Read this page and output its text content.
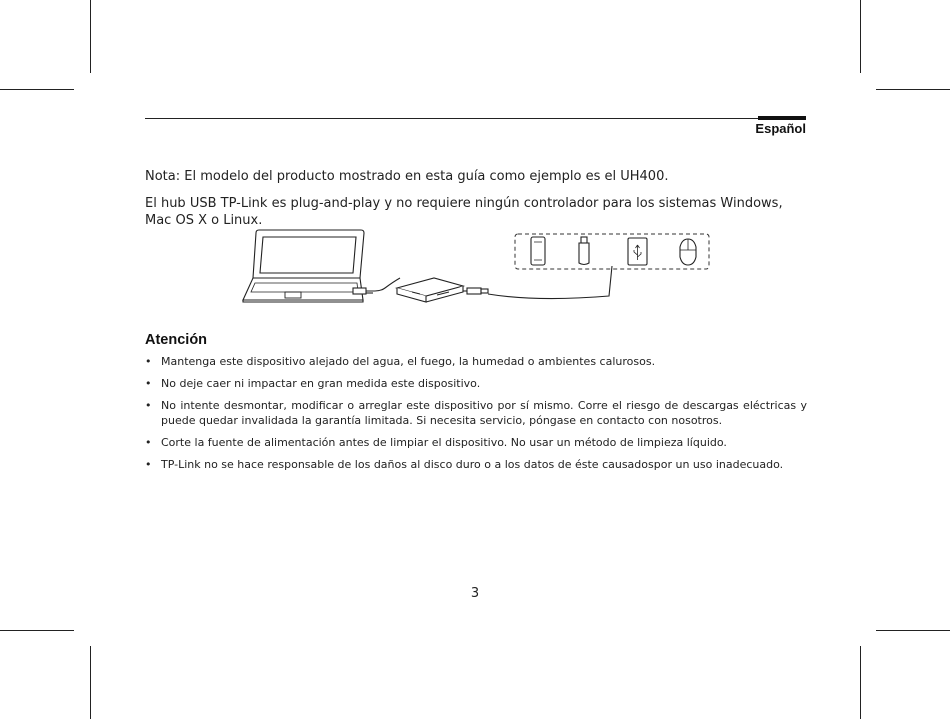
Español

Nota: El modelo del producto mostrado en esta guía como ejemplo es el UH400.

El hub USB TP-Link es plug-and-play y no requiere ningún controlador para los sistemas Windows, Mac OS X o Linux.

Atención
• Mantenga este dispositivo alejado del agua, el fuego, la humedad o ambientes calurosos.
• No deje caer ni impactar en gran medida este dispositivo.
• No intente desmontar, modificar o arreglar este dispositivo por sí mismo. Corre el riesgo de descargas eléctricas y puede quedar invalidada la garantía limitada. Si necesita servicio, póngase en contacto con nosotros.
• Corte la fuente de alimentación antes de limpiar el dispositivo. No usar un método de limpieza líquido.
• TP-Link no se hace responsable de los daños al disco duro o a los datos de éste causadospor un uso inadecuado.
3
